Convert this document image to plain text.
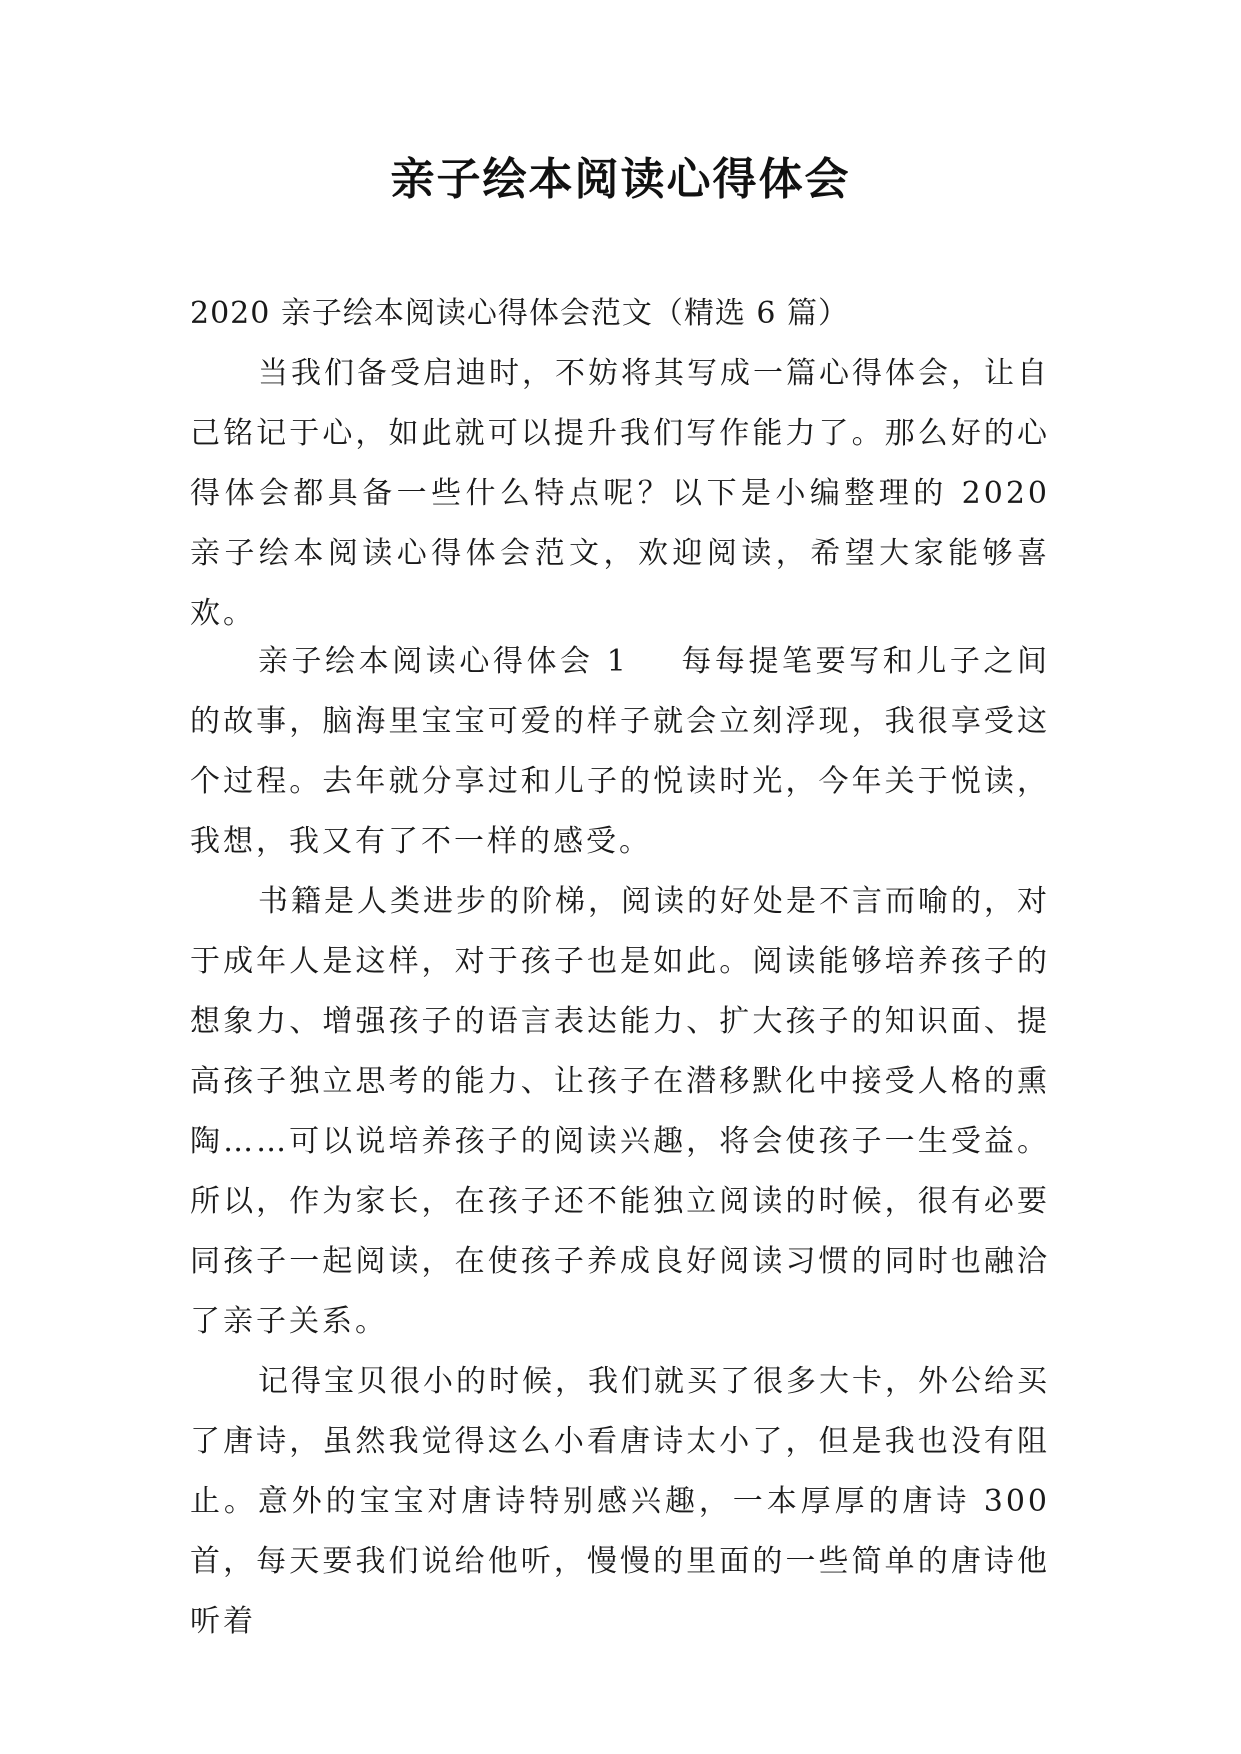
亲子绘本阅读心得体会
2020 亲子绘本阅读心得体会范文（精选 6 篇）
当我们备受启迪时，不妨将其写成一篇心得体会，让自己铭记于心，如此就可以提升我们写作能力了。那么好的心得体会都具备一些什么特点呢？以下是小编整理的 2020 亲子绘本阅读心得体会范文，欢迎阅读，希望大家能够喜欢。

亲子绘本阅读心得体会 1 每每提笔要写和儿子之间的故事，脑海里宝宝可爱的样子就会立刻浮现，我很享受这个过程。去年就分享过和儿子的悦读时光，今年关于悦读，我想，我又有了不一样的感受。

书籍是人类进步的阶梯，阅读的好处是不言而喻的，对于成年人是这样，对于孩子也是如此。阅读能够培养孩子的想象力、增强孩子的语言表达能力、扩大孩子的知识面、提高孩子独立思考的能力、让孩子在潜移默化中接受人格的熏陶……可以说培养孩子的阅读兴趣，将会使孩子一生受益。所以，作为家长，在孩子还不能独立阅读的时候，很有必要同孩子一起阅读，在使孩子养成良好阅读习惯的同时也融洽了亲子关系。

记得宝贝很小的时候，我们就买了很多大卡，外公给买了唐诗，虽然我觉得这么小看唐诗太小了，但是我也没有阻止。意外的宝宝对唐诗特别感兴趣，一本厚厚的唐诗 300 首，每天要我们说给他听，慢慢的里面的一些简单的唐诗他听着
